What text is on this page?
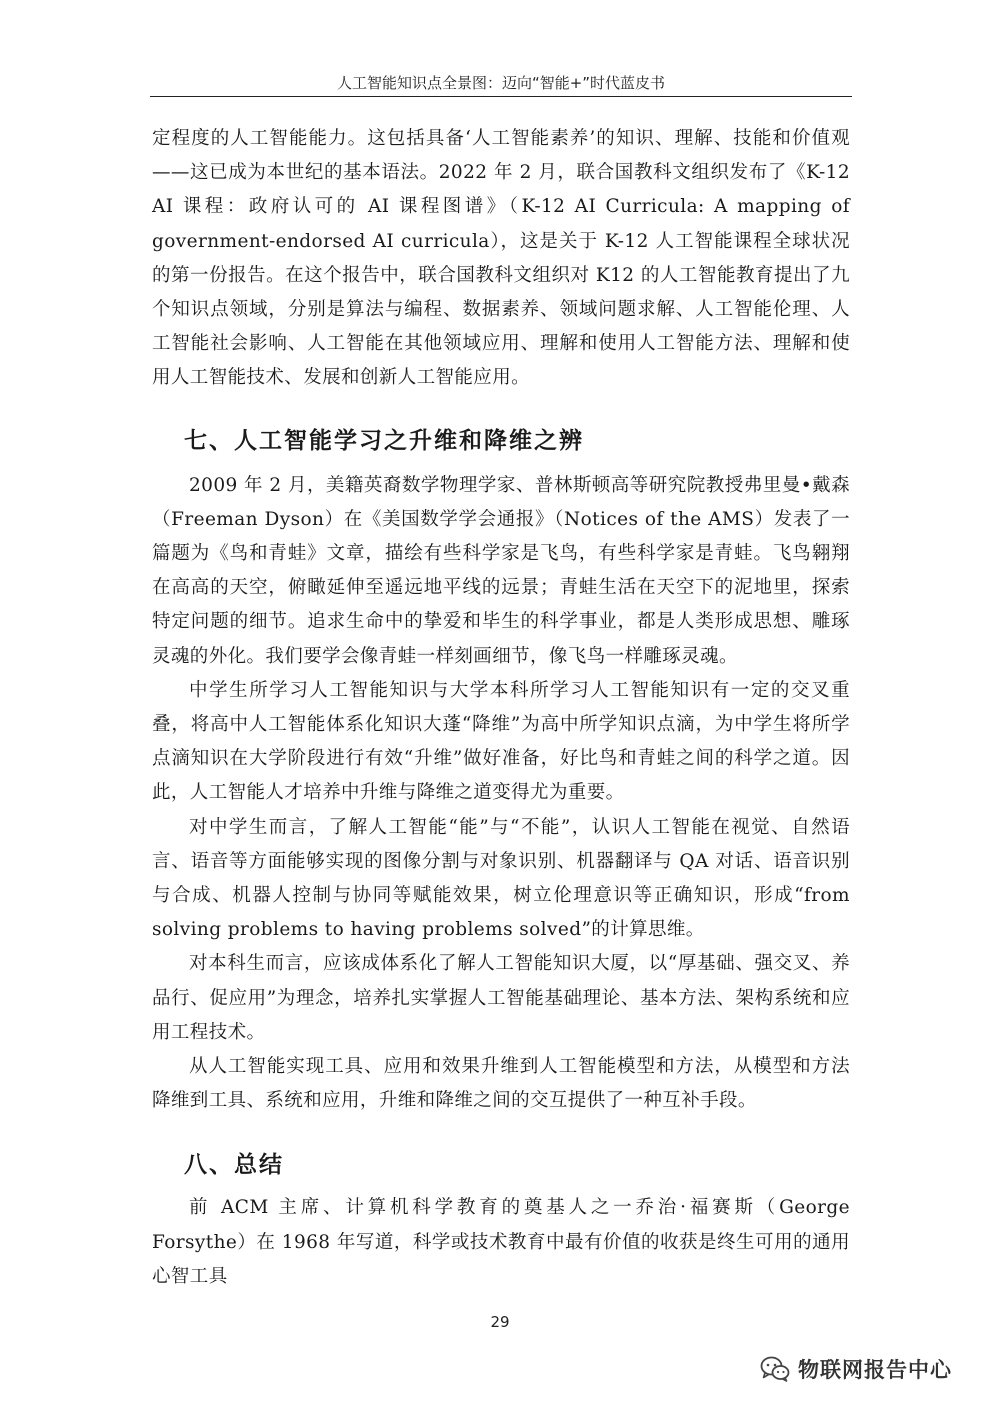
人工智能知识点全景图：迈向“智能+”时代蓝皮书

定程度的人工智能能力。这包括具备‘人工智能素养’的知识、理解、技能和价值观——这已成为本世纪的基本语法。2022 年 2 月，联合国教科文组织发布了《K-12 AI 课程：政府认可的 AI 课程图谱》（K-12 AI Curricula: A mapping of government-endorsed AI curricula），这是关于 K-12 人工智能课程全球状况的第一份报告。在这个报告中，联合国教科文组织对 K12 的人工智能教育提出了九个知识点领域，分别是算法与编程、数据素养、领域问题求解、人工智能伦理、人工智能社会影响、人工智能在其他领域应用、理解和使用人工智能方法、理解和使用人工智能技术、发展和创新人工智能应用。

七、人工智能学习之升维和降维之辨

2009 年 2 月，美籍英裔数学物理学家、普林斯顿高等研究院教授弗里曼•戴森（Freeman Dyson）在《美国数学学会通报》（Notices of the AMS）发表了一篇题为《鸟和青蛙》文章，描绘有些科学家是飞鸟，有些科学家是青蛙。飞鸟翱翔在高高的天空，俯瞰延伸至遥远地平线的远景；青蛙生活在天空下的泥地里，探索特定问题的细节。追求生命中的挚爱和毕生的科学事业，都是人类形成思想、雕琢灵魂的外化。我们要学会像青蛙一样刻画细节，像飞鸟一样雕琢灵魂。

中学生所学习人工智能知识与大学本科所学习人工智能知识有一定的交叉重叠，将高中人工智能体系化知识大蓬“降维”为高中所学知识点滴，为中学生将所学点滴知识在大学阶段进行有效“升维”做好准备，好比鸟和青蛙之间的科学之道。因此，人工智能人才培养中升维与降维之道变得尤为重要。

对中学生而言，了解人工智能“能”与“不能”，认识人工智能在视觉、自然语言、语音等方面能够实现的图像分割与对象识别、机器翻译与 QA 对话、语音识别与合成、机器人控制与协同等赋能效果，树立伦理意识等正确知识，形成“from solving problems to having problems solved”的计算思维。

对本科生而言，应该成体系化了解人工智能知识大厦，以“厚基础、强交叉、养品行、促应用”为理念，培养扎实掌握人工智能基础理论、基本方法、架构系统和应用工程技术。

从人工智能实现工具、应用和效果升维到人工智能模型和方法，从模型和方法降维到工具、系统和应用，升维和降维之间的交互提供了一种互补手段。

八、总结

前 ACM 主席、计算机科学教育的奠基人之一乔治·福赛斯（George Forsythe）在 1968 年写道，科学或技术教育中最有价值的收获是终生可用的通用心智工具

29
物联网报告中心
